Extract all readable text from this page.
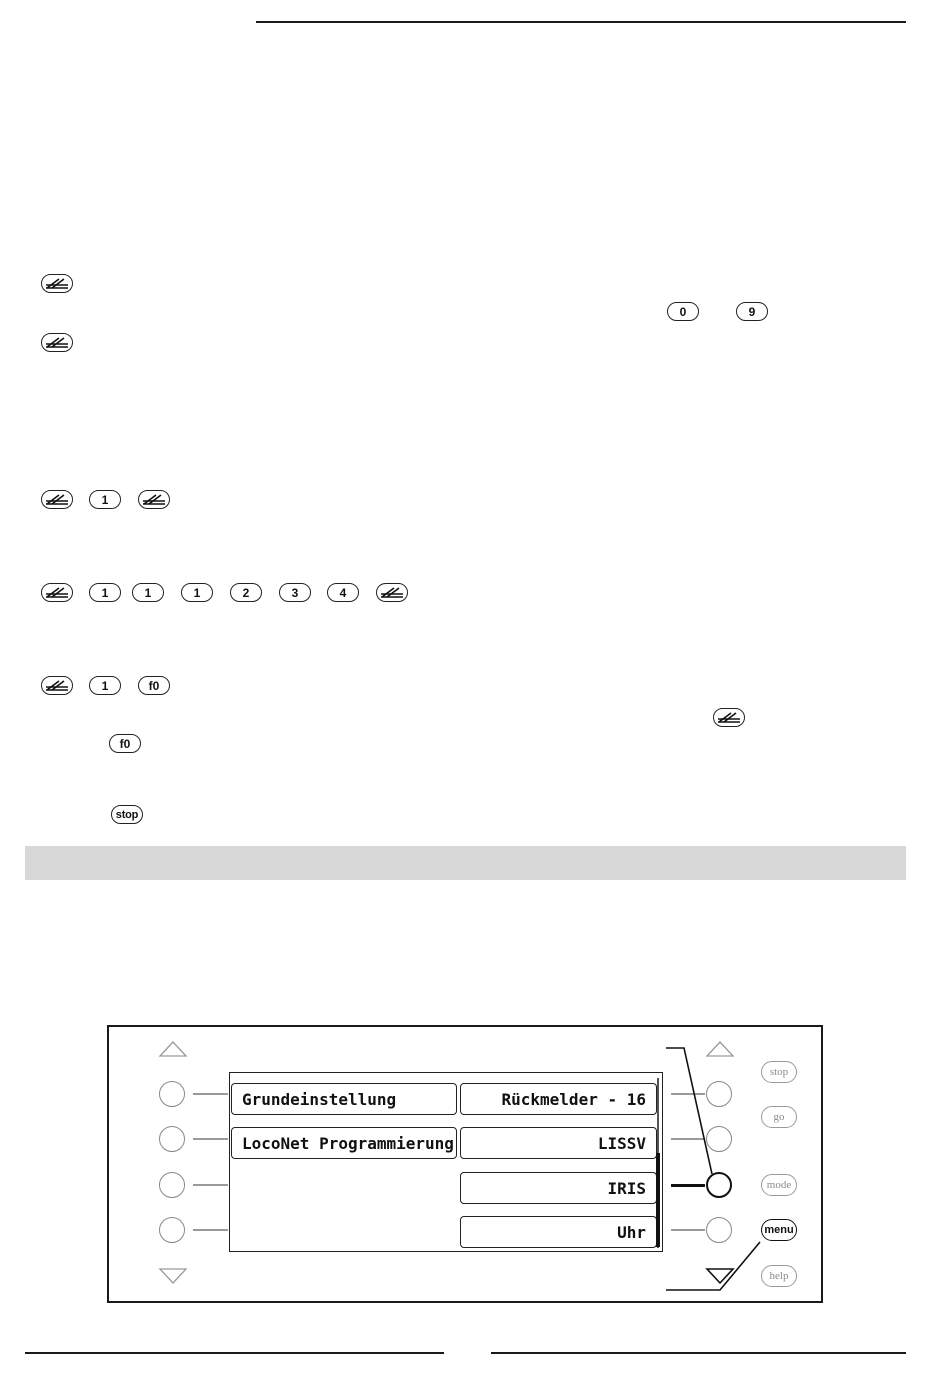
0	9
1
1	1	1	2	3	4
1	f0
f0
stop
Grundeinstellung
LocoNet Programmierung
Rückmelder - 16
LISSV
IRIS
Uhr
stop
go
mode
menu
help
